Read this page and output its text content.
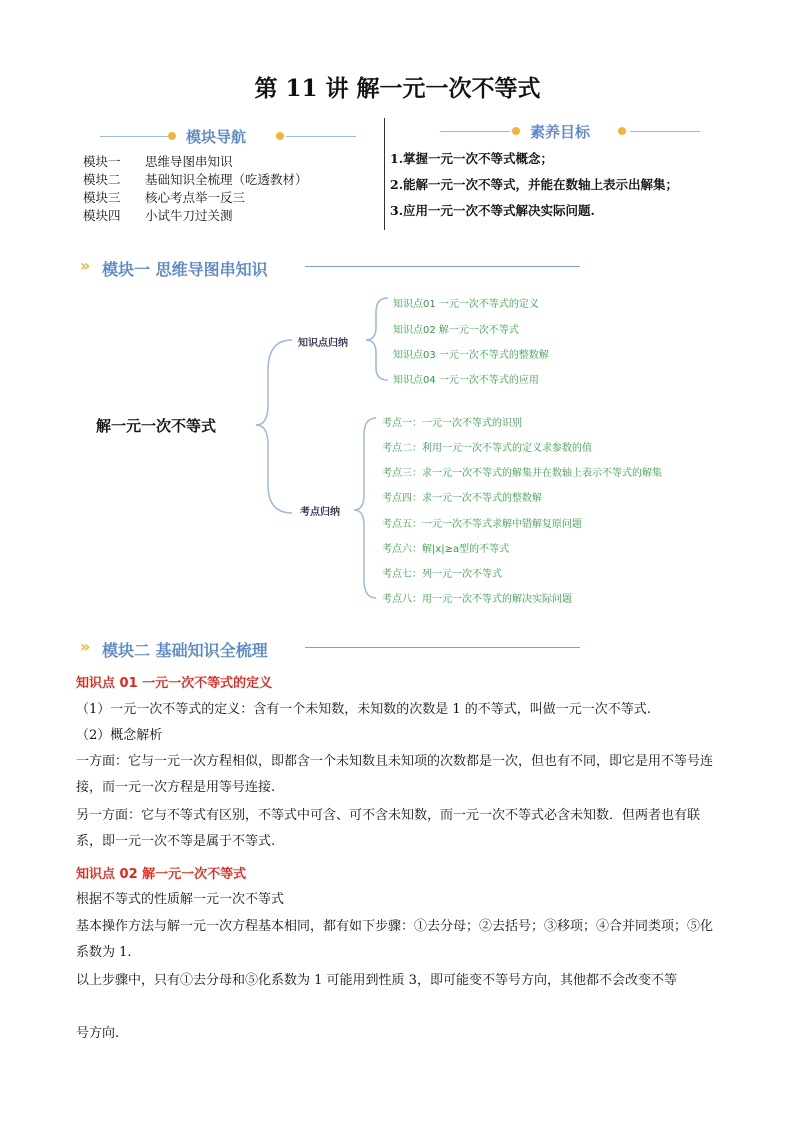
第 11 讲 解一元一次不等式
模块导航
模块一 思维导图串知识
模块二 基础知识全梳理（吃透教材）
模块三 核心考点举一反三
模块四 小试牛刀过关测
素养目标
1.掌握一元一次不等式概念；
2.能解一元一次不等式，并能在数轴上表示出解集；
3.应用一元一次不等式解决实际问题.
» 模块一 思维导图串知识
解一元一次不等式
知识点归纳
考点归纳
知识点01 一元一次不等式的定义
知识点02 解一元一次不等式
知识点03 一元一次不等式的整数解
知识点04 一元一次不等式的应用
考点一：一元一次不等式的识别
考点二：利用一元一次不等式的定义求参数的值
考点三：求一元一次不等式的解集并在数轴上表示不等式的解集
考点四：求一元一次不等式的整数解
考点五：一元一次不等式求解中错解复原问题
考点六：解|x|≥a型的不等式
考点七：列一元一次不等式
考点八：用一元一次不等式的解决实际问题
» 模块二 基础知识全梳理
知识点 01 一元一次不等式的定义
（1）一元一次不等式的定义：含有一个未知数，未知数的次数是 1 的不等式，叫做一元一次不等式.
（2）概念解析
一方面：它与一元一次方程相似，即都含一个未知数且未知项的次数都是一次，但也有不同，即它是用不等号连接，而一元一次方程是用等号连接.
另一方面：它与不等式有区别，不等式中可含、可不含未知数，而一元一次不等式必含未知数．但两者也有联系，即一元一次不等是属于不等式.
知识点 02 解一元一次不等式
根据不等式的性质解一元一次不等式
基本操作方法与解一元一次方程基本相同，都有如下步骤：①去分母；②去括号；③移项；④合并同类项；⑤化系数为 1.
以上步骤中，只有①去分母和⑤化系数为 1 可能用到性质 3，即可能变不等号方向，其他都不会改变不等
号方向.
